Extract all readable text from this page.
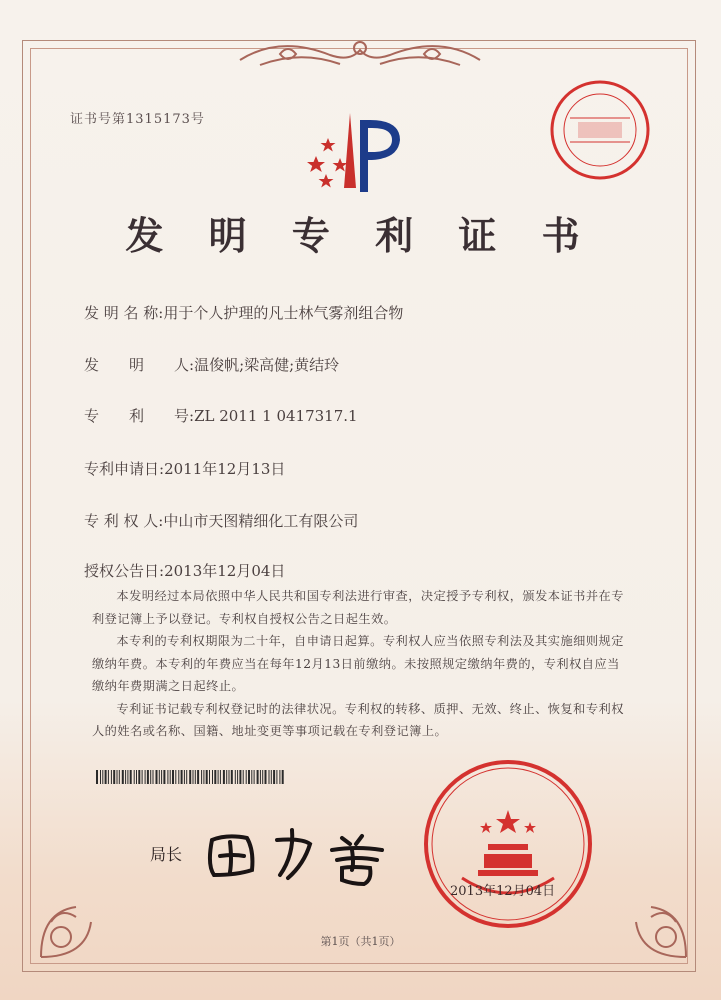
证书号第1315173号
发 明 专 利 证 书
发 明 名 称:用于个人护理的凡士林气雾剂组合物
发　　明　　人:温俊帆;梁高健;黄结玲
专　　利　　号:ZL 2011 1 0417317.1
专利申请日:2011年12月13日
专 利 权 人:中山市天图精细化工有限公司
授权公告日:2013年12月04日

本发明经过本局依照中华人民共和国专利法进行审查，决定授予专利权，颁发本证书并在专利登记簿上予以登记。专利权自授权公告之日起生效。

本专利的专利权期限为二十年，自申请日起算。专利权人应当依照专利法及其实施细则规定缴纳年费。本专利的年费应当在每年12月13日前缴纳。未按照规定缴纳年费的，专利权自应当缴纳年费期满之日起终止。

专利证书记载专利权登记时的法律状况。专利权的转移、质押、无效、终止、恢复和专利权人的姓名或名称、国籍、地址变更等事项记载在专利登记簿上。

局长
2013年12月04日
第1页（共1页）
